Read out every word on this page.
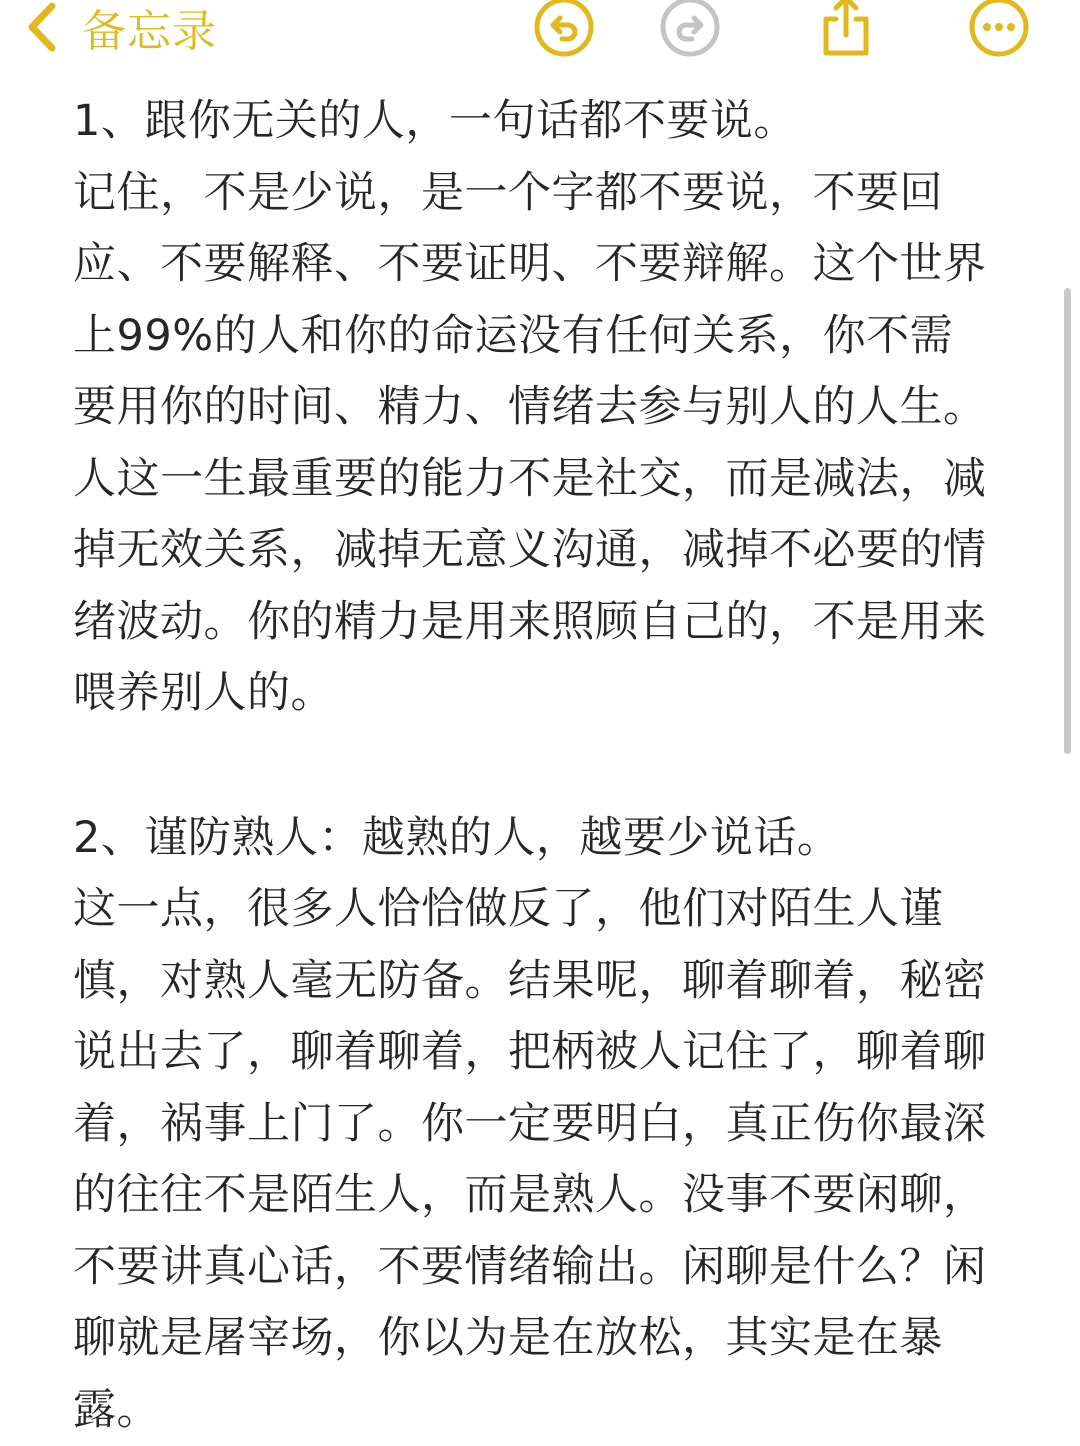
备忘录

1、跟你无关的人，一句话都不要说。

记住，不是少说，是一个字都不要说，不要回应、不要解释、不要证明、不要辩解。这个世界上99%的人和你的命运没有任何关系，你不需要用你的时间、精力、情绪去参与别人的人生。人这一生最重要的能力不是社交，而是减法，减掉无效关系，减掉无意义沟通，减掉不必要的情绪波动。你的精力是用来照顾自己的，不是用来喂养别人的。

2、谨防熟人：越熟的人，越要少说话。

这一点，很多人恰恰做反了，他们对陌生人谨慎，对熟人毫无防备。结果呢，聊着聊着，秘密说出去了，聊着聊着，把柄被人记住了，聊着聊着，祸事上门了。你一定要明白，真正伤你最深的往往不是陌生人，而是熟人。没事不要闲聊，不要讲真心话，不要情绪输出。闲聊是什么？闲聊就是屠宰场，你以为是在放松，其实是在暴露。
